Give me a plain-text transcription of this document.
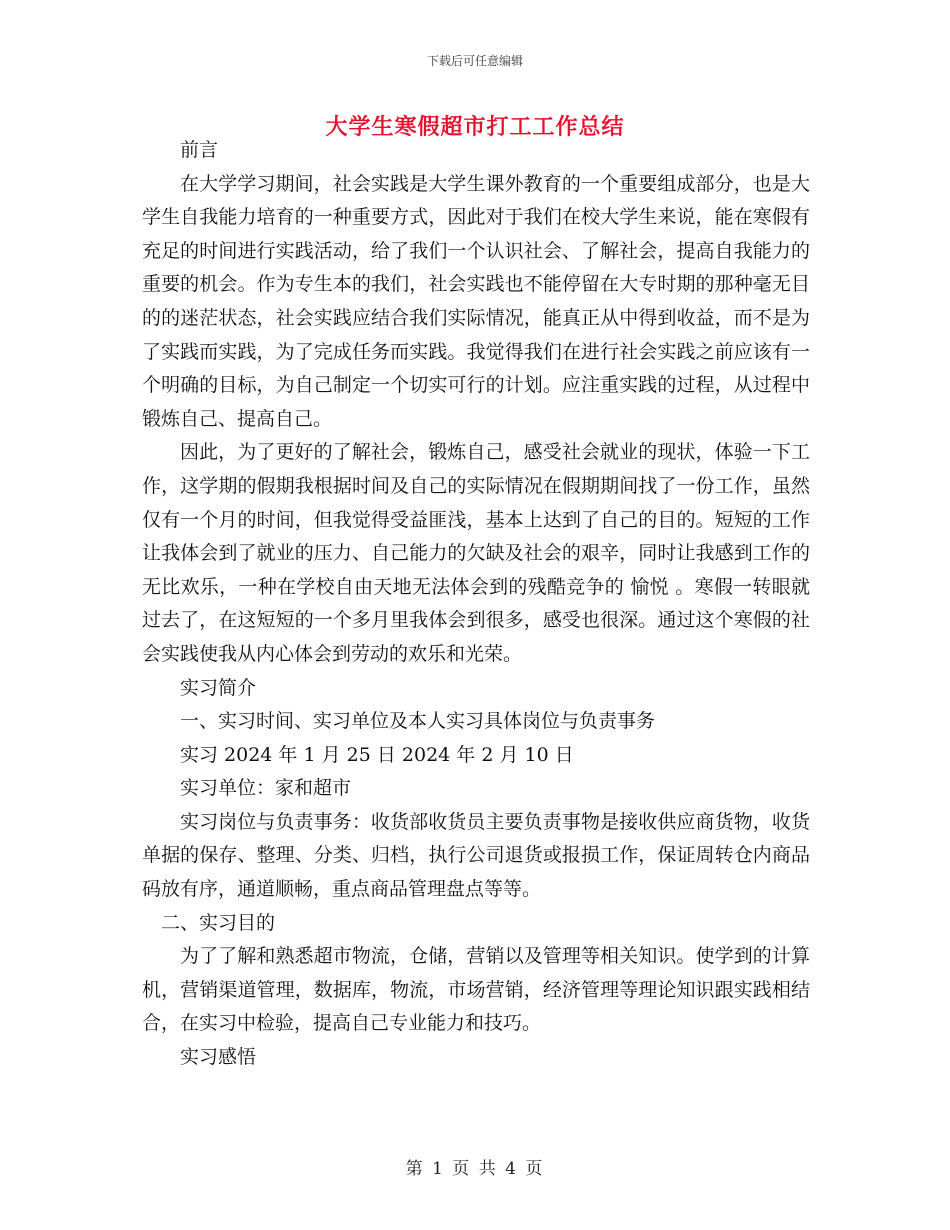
下载后可任意编辑
大学生寒假超市打工工作总结

前言

在大学学习期间，社会实践是大学生课外教育的一个重要组成部分，也是大学生自我能力培育的一种重要方式，因此对于我们在校大学生来说，能在寒假有充足的时间进行实践活动，给了我们一个认识社会、了解社会，提高自我能力的重要的机会。作为专生本的我们，社会实践也不能停留在大专时期的那种毫无目的的迷茫状态，社会实践应结合我们实际情况，能真正从中得到收益，而不是为了实践而实践，为了完成任务而实践。我觉得我们在进行社会实践之前应该有一个明确的目标，为自己制定一个切实可行的计划。应注重实践的过程，从过程中锻炼自己、提高自己。

因此，为了更好的了解社会，锻炼自己，感受社会就业的现状，体验一下工作，这学期的假期我根据时间及自己的实际情况在假期期间找了一份工作，虽然仅有一个月的时间，但我觉得受益匪浅，基本上达到了自己的目的。短短的工作让我体会到了就业的压力、自己能力的欠缺及社会的艰辛，同时让我感到工作的无比欢乐，一种在学校自由天地无法体会到的残酷竞争的 愉悦 。寒假一转眼就过去了，在这短短的一个多月里我体会到很多，感受也很深。通过这个寒假的社会实践使我从内心体会到劳动的欢乐和光荣。

实习简介

一、实习时间、实习单位及本人实习具体岗位与负责事务

实习 2024 年 1 月 25 日 2024 年 2 月 10 日

实习单位：家和超市

实习岗位与负责事务：收货部收货员主要负责事物是接收供应商货物，收货单据的保存、整理、分类、归档，执行公司退货或报损工作，保证周转仓内商品码放有序，通道顺畅，重点商品管理盘点等等。

二、实习目的

为了了解和熟悉超市物流，仓储，营销以及管理等相关知识。使学到的计算机，营销渠道管理，数据库，物流，市场营销，经济管理等理论知识跟实践相结合，在实习中检验，提高自己专业能力和技巧。

实习感悟

第 1 页 共 4 页
